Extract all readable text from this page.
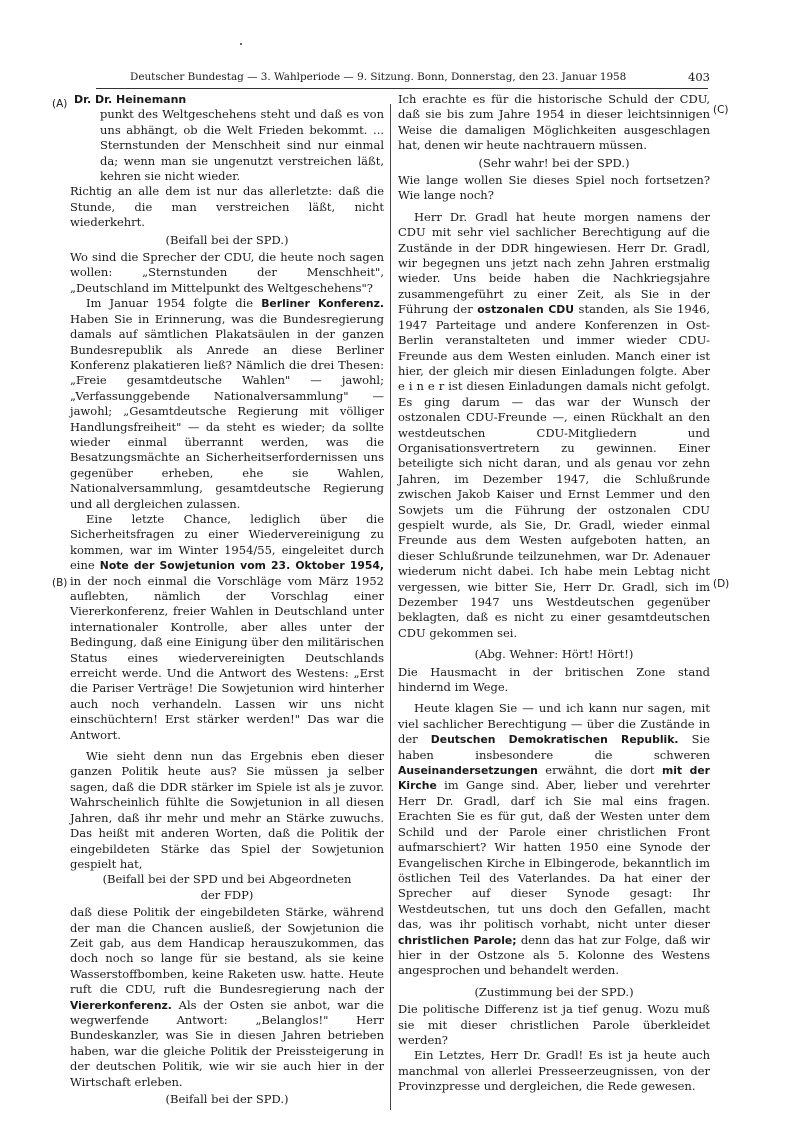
Deutscher Bundestag — 3. Wahlperiode — 9. Sitzung. Bonn, Donnerstag, den 23. Januar 1958	403
(A)
(B)
(C)
(D)

Dr. Dr. Heinemann

punkt des Weltgeschehens steht und daß es von uns abhängt, ob die Welt Frieden bekommt. ... Sternstunden der Menschheit sind nur einmal da; wenn man sie ungenutzt verstreichen läßt, kehren sie nicht wieder.

Richtig an alle dem ist nur das allerletzte: daß die Stunde, die man verstreichen läßt, nicht wiederkehrt.

(Beifall bei der SPD.)

Wo sind die Sprecher der CDU, die heute noch sagen wollen: „Sternstunden der Menschheit", „Deutschland im Mittelpunkt des Weltgeschehens"?

Im Januar 1954 folgte die Berliner Konferenz. Haben Sie in Erinnerung, was die Bundesregierung damals auf sämtlichen Plakatsäulen in der ganzen Bundesrepublik als Anrede an diese Berliner Konferenz plakatieren ließ? Nämlich die drei Thesen: „Freie gesamtdeutsche Wahlen" — jawohl; „Verfassunggebende Nationalversammlung" — jawohl; „Gesamtdeutsche Regierung mit völliger Handlungsfreiheit" — da steht es wieder; da sollte wieder einmal überrannt werden, was die Besatzungsmächte an Sicherheitserfordernissen uns gegenüber erheben, ehe sie Wahlen, Nationalversammlung, gesamtdeutsche Regierung und all dergleichen zulassen.

Eine letzte Chance, lediglich über die Sicherheitsfragen zu einer Wiedervereinigung zu kommen, war im Winter 1954/55, eingeleitet durch eine Note der Sowjetunion vom 23. Oktober 1954, in der noch einmal die Vorschläge vom März 1952 auflebten, nämlich der Vorschlag einer Viererkonferenz, freier Wahlen in Deutschland unter internationaler Kontrolle, aber alles unter der Bedingung, daß eine Einigung über den militärischen Status eines wiedervereinigten Deutschlands erreicht werde. Und die Antwort des Westens: „Erst die Pariser Verträge! Die Sowjetunion wird hinterher auch noch verhandeln. Lassen wir uns nicht einschüchtern! Erst stärker werden!" Das war die Antwort.

Wie sieht denn nun das Ergebnis eben dieser ganzen Politik heute aus? Sie müssen ja selber sagen, daß die DDR stärker im Spiele ist als je zuvor. Wahrscheinlich fühlte die Sowjetunion in all diesen Jahren, daß ihr mehr und mehr an Stärke zuwuchs. Das heißt mit anderen Worten, daß die Politik der eingebildeten Stärke das Spiel der Sowjetunion gespielt hat,

(Beifall bei der SPD und bei Abgeordneten

der FDP)

daß diese Politik der eingebildeten Stärke, während der man die Chancen ausließ, der Sowjetunion die Zeit gab, aus dem Handicap herauszukommen, das doch noch so lange für sie bestand, als sie keine Wasserstoffbomben, keine Raketen usw. hatte. Heute ruft die CDU, ruft die Bundesregierung nach der Viererkonferenz. Als der Osten sie anbot, war die wegwerfende Antwort: „Belanglos!" Herr Bundeskanzler, was Sie in diesen Jahren betrieben haben, war die gleiche Politik der Preissteigerung in der deutschen Politik, wie wir sie auch hier in der Wirtschaft erleben.

(Beifall bei der SPD.)

Ich erachte es für die historische Schuld der CDU, daß sie bis zum Jahre 1954 in dieser leichtsinnigen Weise die damaligen Möglichkeiten ausgeschlagen hat, denen wir heute nachtrauern müssen.

(Sehr wahr! bei der SPD.)

Wie lange wollen Sie dieses Spiel noch fortsetzen? Wie lange noch?

Herr Dr. Gradl hat heute morgen namens der CDU mit sehr viel sachlicher Berechtigung auf die Zustände in der DDR hingewiesen. Herr Dr. Gradl, wir begegnen uns jetzt nach zehn Jahren erstmalig wieder. Uns beide haben die Nachkriegsjahre zusammengeführt zu einer Zeit, als Sie in der Führung der ostzonalen CDU standen, als Sie 1946, 1947 Parteitage und andere Konferenzen in Ost-Berlin veranstalteten und immer wieder CDU-Freunde aus dem Westen einluden. Manch einer ist hier, der gleich mir diesen Einladungen folgte. Aber e i n e r ist diesen Einladungen damals nicht gefolgt. Es ging darum — das war der Wunsch der ostzonalen CDU-Freunde —, einen Rückhalt an den westdeutschen CDU-Mitgliedern und Organisationsvertretern zu gewinnen. Einer beteiligte sich nicht daran, und als genau vor zehn Jahren, im Dezember 1947, die Schlußrunde zwischen Jakob Kaiser und Ernst Lemmer und den Sowjets um die Führung der ostzonalen CDU gespielt wurde, als Sie, Dr. Gradl, wieder einmal Freunde aus dem Westen aufgeboten hatten, an dieser Schlußrunde teilzunehmen, war Dr. Adenauer wiederum nicht dabei. Ich habe mein Lebtag nicht vergessen, wie bitter Sie, Herr Dr. Gradl, sich im Dezember 1947 uns Westdeutschen gegenüber beklagten, daß es nicht zu einer gesamtdeutschen CDU gekommen sei.

(Abg. Wehner: Hört! Hört!)

Die Hausmacht in der britischen Zone stand hindernd im Wege.

Heute klagen Sie — und ich kann nur sagen, mit viel sachlicher Berechtigung — über die Zustände in der Deutschen Demokratischen Republik. Sie haben insbesondere die schweren Auseinandersetzungen erwähnt, die dort mit der Kirche im Gange sind. Aber, lieber und verehrter Herr Dr. Gradl, darf ich Sie mal eins fragen. Erachten Sie es für gut, daß der Westen unter dem Schild und der Parole einer christlichen Front aufmarschiert? Wir hatten 1950 eine Synode der Evangelischen Kirche in Elbingerode, bekanntlich im östlichen Teil des Vaterlandes. Da hat einer der Sprecher auf dieser Synode gesagt: Ihr Westdeutschen, tut uns doch den Gefallen, macht das, was ihr politisch vorhabt, nicht unter dieser christlichen Parole; denn das hat zur Folge, daß wir hier in der Ostzone als 5. Kolonne des Westens angesprochen und behandelt werden.

(Zustimmung bei der SPD.)

Die politische Differenz ist ja tief genug. Wozu muß sie mit dieser christlichen Parole überkleidet werden?

Ein Letztes, Herr Dr. Gradl! Es ist ja heute auch manchmal von allerlei Presseerzeugnissen, von der Provinzpresse und dergleichen, die Rede gewesen.
